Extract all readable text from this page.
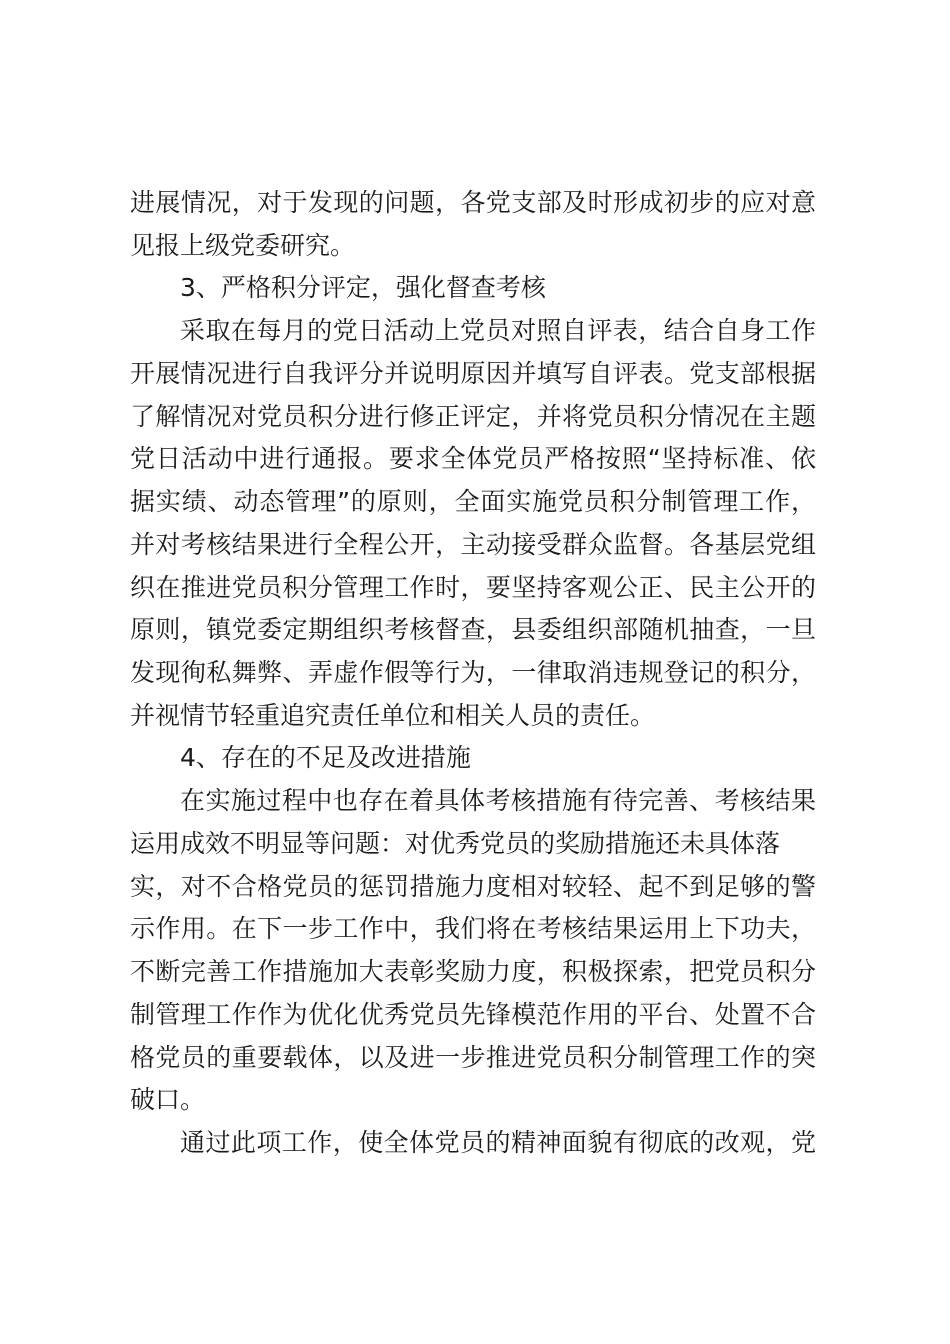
进展情况，对于发现的问题，各党支部及时形成初步的应对意
见报上级党委研究。
3、严格积分评定，强化督查考核
采取在每月的党日活动上党员对照自评表，结合自身工作
开展情况进行自我评分并说明原因并填写自评表。党支部根据
了解情况对党员积分进行修正评定，并将党员积分情况在主题
党日活动中进行通报。要求全体党员严格按照“坚持标准、依
据实绩、动态管理”的原则，全面实施党员积分制管理工作，
并对考核结果进行全程公开，主动接受群众监督。各基层党组
织在推进党员积分管理工作时，要坚持客观公正、民主公开的
原则，镇党委定期组织考核督查，县委组织部随机抽查，一旦
发现徇私舞弊、弄虚作假等行为，一律取消违规登记的积分，
并视情节轻重追究责任单位和相关人员的责任。
4、存在的不足及改进措施
在实施过程中也存在着具体考核措施有待完善、考核结果
运用成效不明显等问题：对优秀党员的奖励措施还未具体落
实，对不合格党员的惩罚措施力度相对较轻、起不到足够的警
示作用。在下一步工作中，我们将在考核结果运用上下功夫，
不断完善工作措施加大表彰奖励力度，积极探索，把党员积分
制管理工作作为优化优秀党员先锋模范作用的平台、处置不合
格党员的重要载体，以及进一步推进党员积分制管理工作的突
破口。
通过此项工作，使全体党员的精神面貌有彻底的改观，党
